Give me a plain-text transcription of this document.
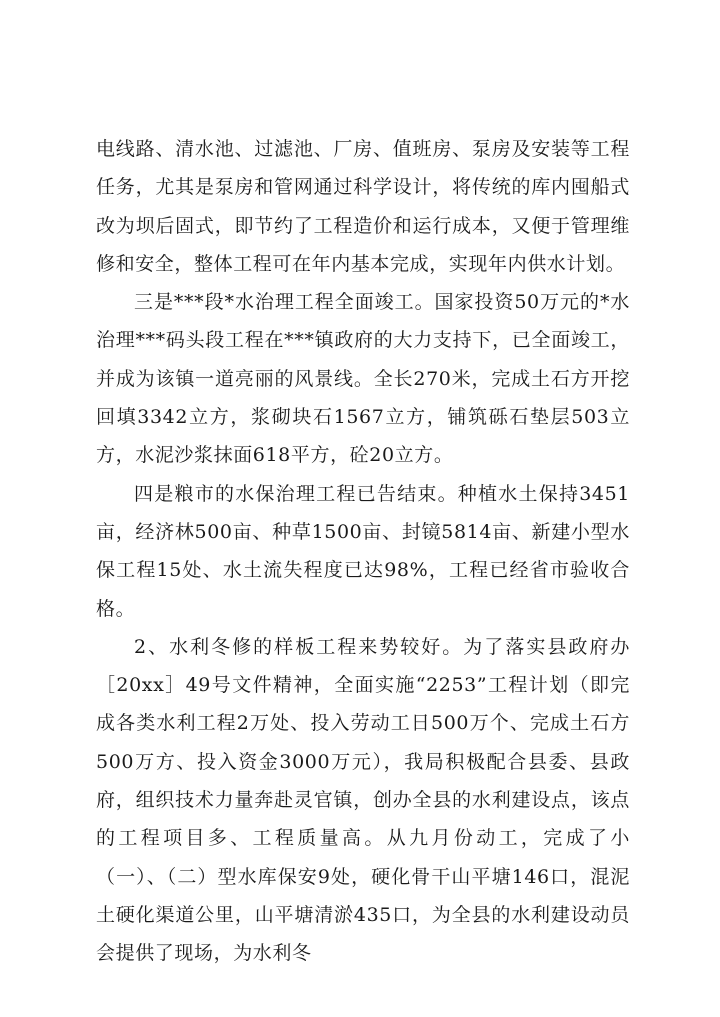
电线路、清水池、过滤池、厂房、值班房、泵房及安装等工程任务，尤其是泵房和管网通过科学设计，将传统的库内囤船式改为坝后固式，即节约了工程造价和运行成本，又便于管理维修和安全，整体工程可在年内基本完成，实现年内供水计划。

三是***段*水治理工程全面竣工。国家投资50万元的*水治理***码头段工程在***镇政府的大力支持下，已全面竣工，并成为该镇一道亮丽的风景线。全长270米，完成土石方开挖回填3342立方，浆砌块石1567立方，铺筑砾石垫层503立方，水泥沙浆抹面618平方，砼20立方。

四是粮市的水保治理工程已告结束。种植水土保持3451亩，经济林500亩、种草1500亩、封镜5814亩、新建小型水保工程15处、水土流失程度已达98%，工程已经省市验收合格。

2、水利冬修的样板工程来势较好。为了落实县政府办［20xx］49号文件精神，全面实施“2253”工程计划（即完成各类水利工程2万处、投入劳动工日500万个、完成土石方500万方、投入资金3000万元），我局积极配合县委、县政府，组织技术力量奔赴灵官镇，创办全县的水利建设点，该点的工程项目多、工程质量高。从九月份动工，完成了小（一）、（二）型水库保安9处，硬化骨干山平塘146口，混泥土硬化渠道公里，山平塘清淤435口，为全县的水利建设动员会提供了现场，为水利冬
